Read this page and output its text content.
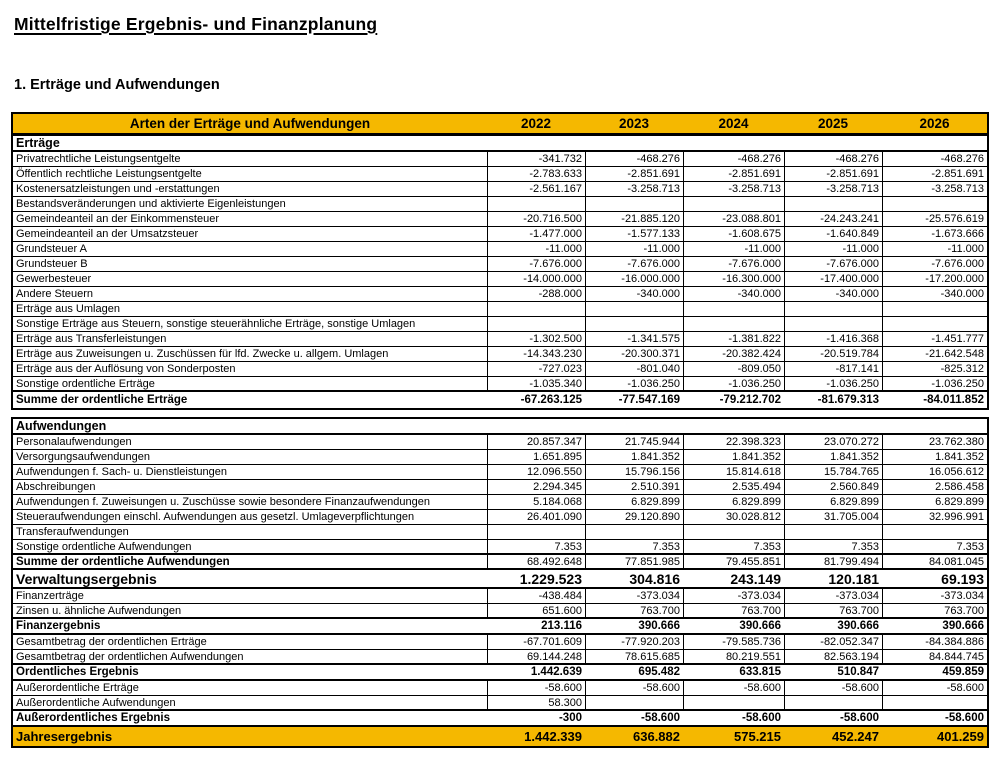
Mittelfristige Ergebnis- und Finanzplanung
1. Erträge und Aufwendungen
Arten der Erträge und Aufwendungen	2022	2023	2024	2025	2026
Erträge
Privatrechtliche Leistungsentgelte	-341.732	-468.276	-468.276	-468.276	-468.276
Öffentlich rechtliche Leistungsentgelte	-2.783.633	-2.851.691	-2.851.691	-2.851.691	-2.851.691
Kostenersatzleistungen und -erstattungen	-2.561.167	-3.258.713	-3.258.713	-3.258.713	-3.258.713
Bestandsveränderungen und aktivierte Eigenleistungen
Gemeindeanteil an der Einkommensteuer	-20.716.500	-21.885.120	-23.088.801	-24.243.241	-25.576.619
Gemeindeanteil an der Umsatzsteuer	-1.477.000	-1.577.133	-1.608.675	-1.640.849	-1.673.666
Grundsteuer A	-11.000	-11.000	-11.000	-11.000	-11.000
Grundsteuer B	-7.676.000	-7.676.000	-7.676.000	-7.676.000	-7.676.000
Gewerbesteuer	-14.000.000	-16.000.000	-16.300.000	-17.400.000	-17.200.000
Andere Steuern	-288.000	-340.000	-340.000	-340.000	-340.000
Erträge aus Umlagen
Sonstige Erträge aus Steuern, sonstige steuerähnliche Erträge, sonstige Umlagen
Erträge aus Transferleistungen	-1.302.500	-1.341.575	-1.381.822	-1.416.368	-1.451.777
Erträge aus Zuweisungen u. Zuschüssen für lfd. Zwecke u. allgem. Umlagen	-14.343.230	-20.300.371	-20.382.424	-20.519.784	-21.642.548
Erträge aus der Auflösung von Sonderposten	-727.023	-801.040	-809.050	-817.141	-825.312
Sonstige ordentliche Erträge	-1.035.340	-1.036.250	-1.036.250	-1.036.250	-1.036.250
Summe der ordentliche Erträge	-67.263.125	-77.547.169	-79.212.702	-81.679.313	-84.011.852
Aufwendungen
Personalaufwendungen	20.857.347	21.745.944	22.398.323	23.070.272	23.762.380
Versorgungsaufwendungen	1.651.895	1.841.352	1.841.352	1.841.352	1.841.352
Aufwendungen f. Sach- u. Dienstleistungen	12.096.550	15.796.156	15.814.618	15.784.765	16.056.612
Abschreibungen	2.294.345	2.510.391	2.535.494	2.560.849	2.586.458
Aufwendungen f. Zuweisungen u. Zuschüsse sowie besondere Finanzaufwendungen	5.184.068	6.829.899	6.829.899	6.829.899	6.829.899
Steueraufwendungen einschl. Aufwendungen aus gesetzl. Umlageverpflichtungen	26.401.090	29.120.890	30.028.812	31.705.004	32.996.991
Transferaufwendungen
Sonstige ordentliche Aufwendungen	7.353	7.353	7.353	7.353	7.353
Summe der ordentliche Aufwendungen	68.492.648	77.851.985	79.455.851	81.799.494	84.081.045
Verwaltungsergebnis	1.229.523	304.816	243.149	120.181	69.193
Finanzerträge	-438.484	-373.034	-373.034	-373.034	-373.034
Zinsen u. ähnliche Aufwendungen	651.600	763.700	763.700	763.700	763.700
Finanzergebnis	213.116	390.666	390.666	390.666	390.666
Gesamtbetrag der ordentlichen Erträge	-67.701.609	-77.920.203	-79.585.736	-82.052.347	-84.384.886
Gesamtbetrag der ordentlichen Aufwendungen	69.144.248	78.615.685	80.219.551	82.563.194	84.844.745
Ordentliches Ergebnis	1.442.639	695.482	633.815	510.847	459.859
Außerordentliche Erträge	-58.600	-58.600	-58.600	-58.600	-58.600
Außerordentliche Aufwendungen	58.300
Außerordentliches Ergebnis	-300	-58.600	-58.600	-58.600	-58.600
Jahresergebnis	1.442.339	636.882	575.215	452.247	401.259
